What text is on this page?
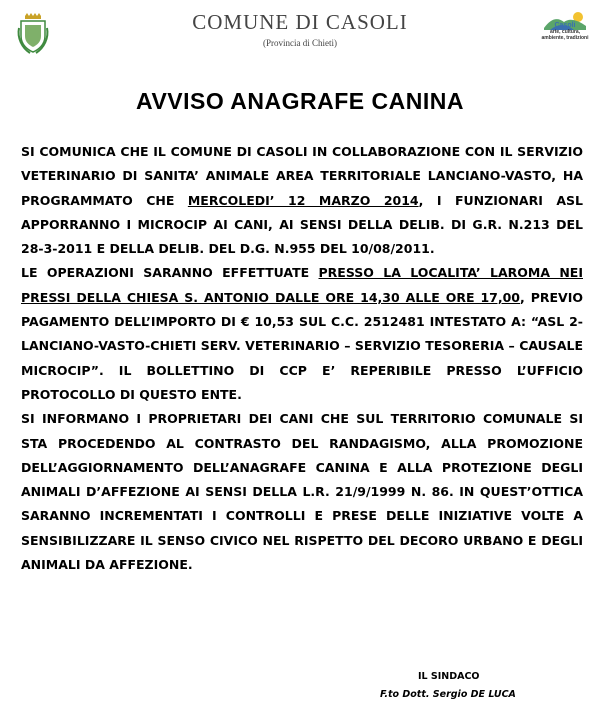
Casoli
arte, cultura, ambiente, tradizioni
COMUNE DI CASOLI
(Provincia di Chieti)
AVVISO ANAGRAFE CANINA

SI COMUNICA CHE IL COMUNE DI CASOLI IN COLLABORAZIONE CON IL SERVIZIO VETERINARIO DI SANITA’ ANIMALE AREA TERRITORIALE LANCIANO-VASTO, HA PROGRAMMATO CHE MERCOLEDI’ 12 MARZO 2014, I FUNZIONARI ASL APPORRANNO I MICROCIP AI CANI, AI SENSI DELLA DELIB. DI G.R. N.213 DEL 28-3-2011 E DELLA DELIB. DEL D.G. N.955 DEL 10/08/2011.

LE OPERAZIONI SARANNO EFFETTUATE PRESSO LA LOCALITA’ LAROMA NEI PRESSI DELLA CHIESA S. ANTONIO DALLE ORE 14,30 ALLE ORE 17,00, PREVIO PAGAMENTO DELL’IMPORTO DI € 10,53 SUL C.C. 2512481 INTESTATO A: “ASL 2- LANCIANO-VASTO-CHIETI SERV. VETERINARIO – SERVIZIO TESORERIA – CAUSALE MICROCIP”. IL BOLLETTINO DI CCP E’ REPERIBILE PRESSO L’UFFICIO PROTOCOLLO DI QUESTO ENTE.

SI INFORMANO I PROPRIETARI DEI CANI CHE SUL TERRITORIO COMUNALE SI STA PROCEDENDO AL CONTRASTO DEL RANDAGISMO, ALLA PROMOZIONE DELL’AGGIORNAMENTO DELL’ANAGRAFE CANINA E ALLA PROTEZIONE DEGLI ANIMALI D’AFFEZIONE AI SENSI DELLA L.R. 21/9/1999 N. 86. IN QUEST’OTTICA SARANNO INCREMENTATI I CONTROLLI E PRESE DELLE INIZIATIVE VOLTE A SENSIBILIZZARE IL SENSO CIVICO NEL RISPETTO DEL DECORO URBANO E DEGLI ANIMALI DA AFFEZIONE.

IL SINDACO
F.to Dott. Sergio DE LUCA
